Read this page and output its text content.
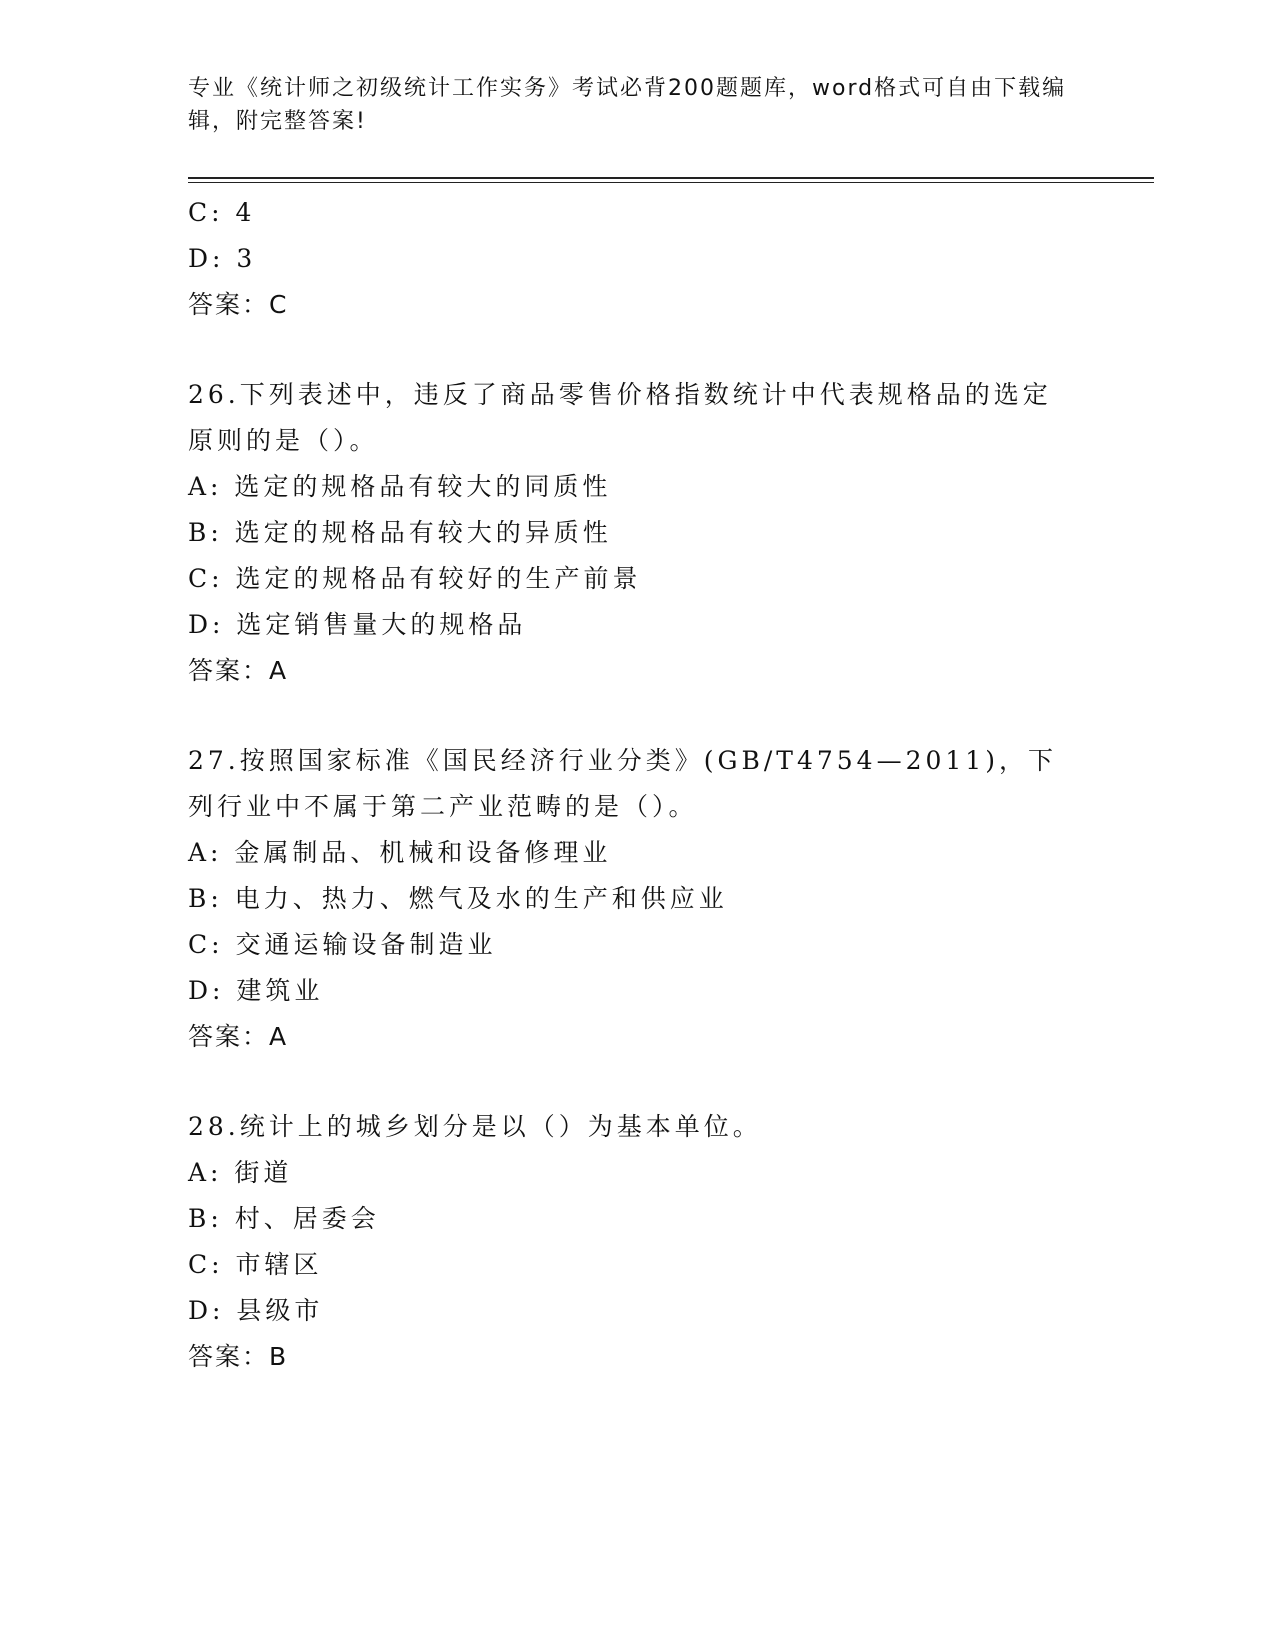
专业《统计师之初级统计工作实务》考试必背200题题库，word格式可自由下载编辑，附完整答案!
C: 4
D: 3
答案：C
26.下列表述中，违反了商品零售价格指数统计中代表规格品的选定原则的是（）。
A: 选定的规格品有较大的同质性
B: 选定的规格品有较大的异质性
C: 选定的规格品有较好的生产前景
D: 选定销售量大的规格品
答案：A
27.按照国家标准《国民经济行业分类》(GB/T4754—2011)，下列行业中不属于第二产业范畴的是（）。
A: 金属制品、机械和设备修理业
B: 电力、热力、燃气及水的生产和供应业
C: 交通运输设备制造业
D: 建筑业
答案：A
28.统计上的城乡划分是以（）为基本单位。
A: 街道
B: 村、居委会
C: 市辖区
D: 县级市
答案：B
